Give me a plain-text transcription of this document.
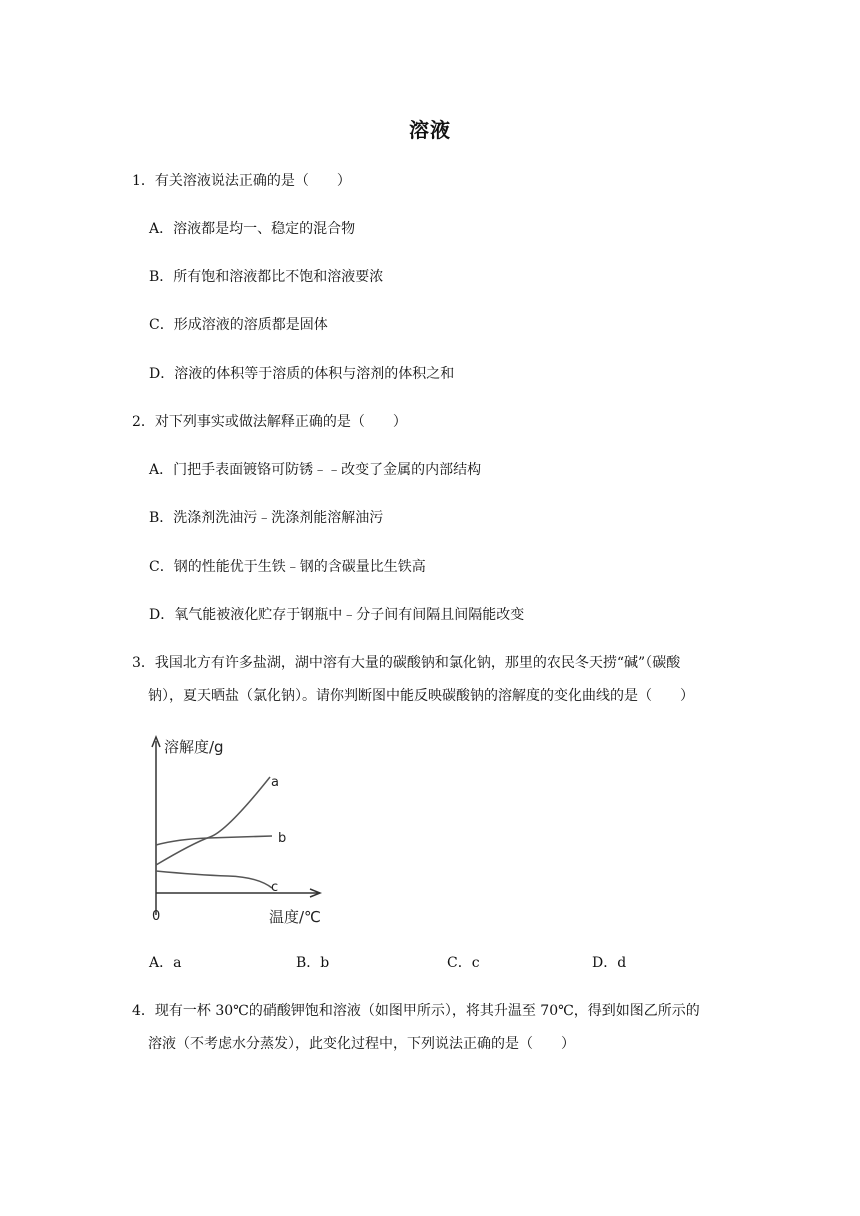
溶液
1．有关溶液说法正确的是（　　）
A．溶液都是均一、稳定的混合物
B．所有饱和溶液都比不饱和溶液要浓
C．形成溶液的溶质都是固体
D．溶液的体积等于溶质的体积与溶剂的体积之和
2．对下列事实或做法解释正确的是（　　）
A．门把手表面镀铬可防锈﹣﹣改变了金属的内部结构
B．洗涤剂洗油污﹣洗涤剂能溶解油污
C．钢的性能优于生铁﹣钢的含碳量比生铁高
D．氧气能被液化贮存于钢瓶中﹣分子间有间隔且间隔能改变
3．我国北方有许多盐湖，湖中溶有大量的碳酸钠和氯化钠，那里的农民冬天捞“碱”（碳酸
钠），夏天晒盐（氯化钠）。请你判断图中能反映碳酸钠的溶解度的变化曲线的是（　　）
溶解度/g
温度/℃
0
a
b
c
A．a	B．b	C．c	D．d
4．现有一杯 30℃的硝酸钾饱和溶液（如图甲所示），将其升温至 70℃，得到如图乙所示的
溶液（不考虑水分蒸发），此变化过程中，下列说法正确的是（　　）
